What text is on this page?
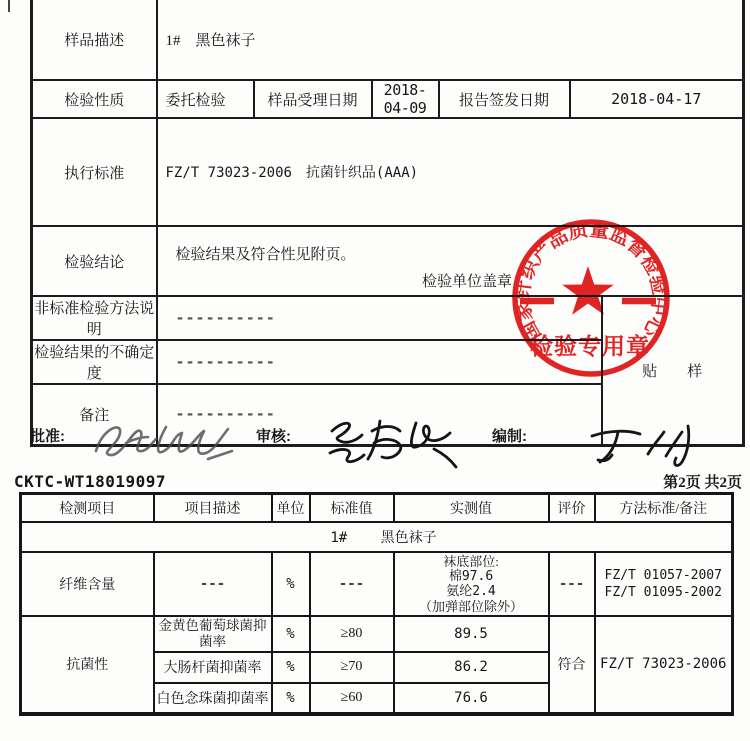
样品描述	1#　黑色袜子					
检验性质	委托检验	样品受理日期	2018-04-09	报告签发日期	2018-04-17	
执行标准	FZ/T 73023-2006　抗菌针织品(AAA)					
检验结论	检验结果及符合性见附页。
检验单位盖章					

非标准检验方法说明	----------					贴　　样
检验结果的不确定度	----------					
备注	----------					
国家针织产品质量监督检验中心
检验专用章
批准:	审核:	编制:
CKTC-WT18019097	第2页 共2页
检测项目	项目描述	单位	标准值	实测值	评价	方法标准/备注
1# 黑色袜子						
纤维含量	---	%	---	袜底部位:
棉97.6
氨纶2.4
（加弹部位除外）	---	FZ/T 01057-2007
FZ/T 01095-2002

抗菌性	金黄色葡萄球菌抑菌率	%	≥80	89.5	符合	FZ/T 73023-2006
	大肠杆菌抑菌率	%	≥70	86.2		
	白色念珠菌抑菌率	%	≥60	76.6		
